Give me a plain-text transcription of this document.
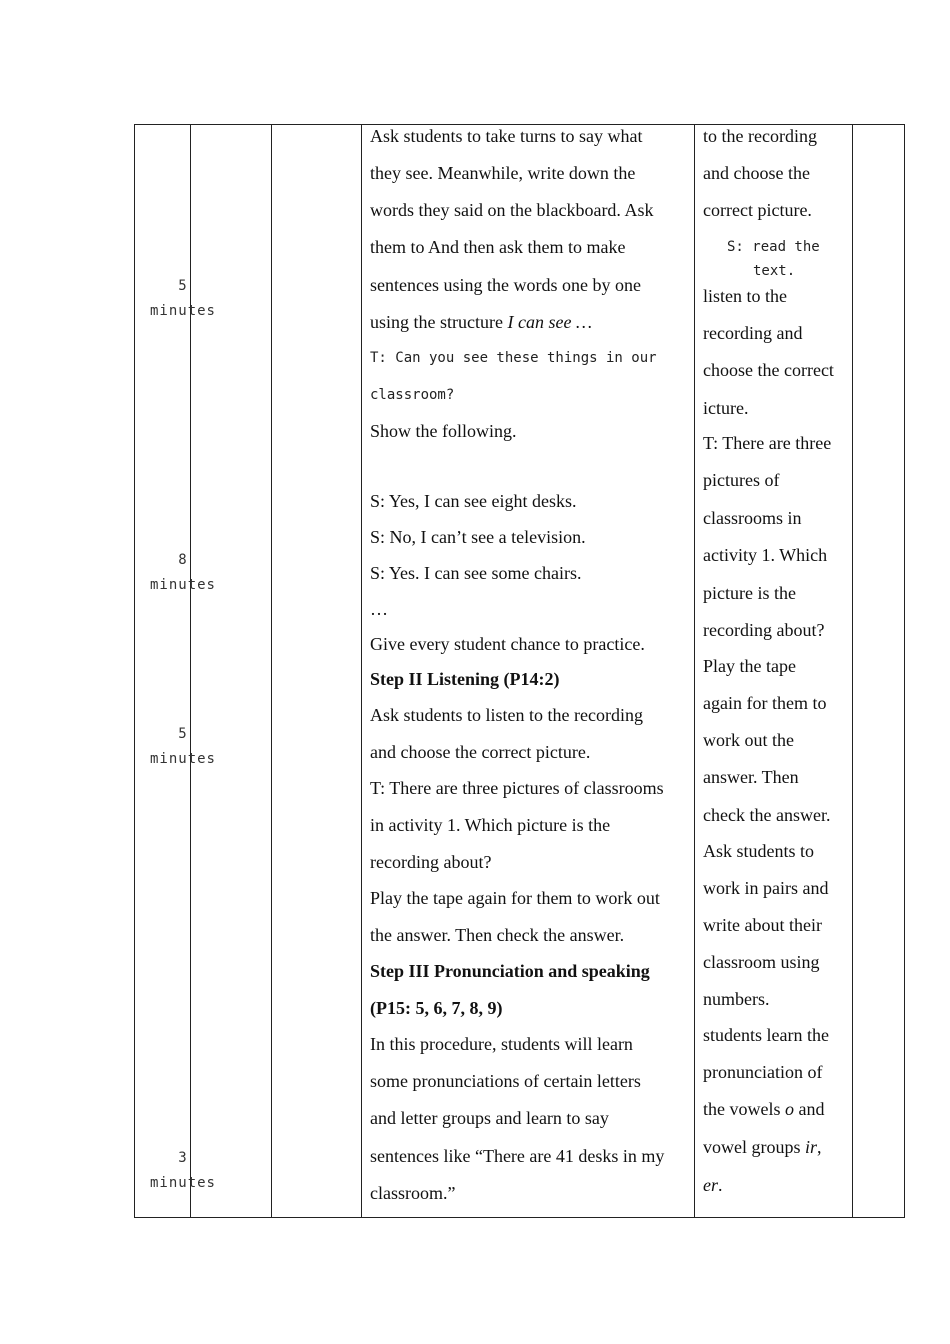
5
minutes
8
minutes
5
minutes
3
minutes
Ask students to take turns to say what
they see. Meanwhile, write down the
words they said on the blackboard. Ask
them to And then ask them to make
sentences using the words one by one
using the structure I can see …
T: Can you see these things in our
classroom?
Show the following.
S: Yes, I can see eight desks.
S: No, I can’t see a television.
S: Yes. I can see some chairs.
…
Give every student chance to practice.
Step II Listening (P14:2)
Ask students to listen to the recording
and choose the correct picture.
T: There are three pictures of classrooms
in activity 1. Which picture is the
recording about?
Play the tape again for them to work out
the answer. Then check the answer.
Step III Pronunciation and speaking
(P15: 5, 6, 7, 8, 9)
In this procedure, students will learn
some pronunciations of certain letters
and letter groups and learn to say
sentences like “There are 41 desks in my
classroom.”
to the recording
and choose the
correct picture.
S: read the
text.
listen to the
recording and
choose the correct
icture.
T: There are three
pictures of
classrooms in
activity 1. Which
picture is the
recording about?
Play the tape
again for them to
work out the
answer. Then
check the answer.
Ask students to
work in pairs and
write about their
classroom using
numbers.
students learn the
pronunciation of
the vowels o and
vowel groups ir,
er.
